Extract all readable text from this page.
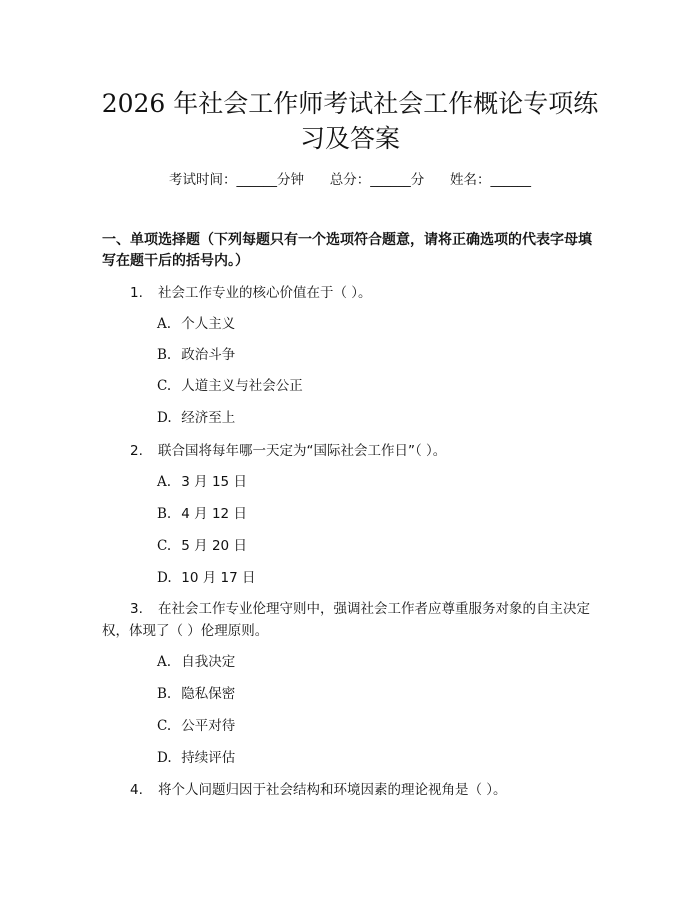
2026 年社会工作师考试社会工作概论专项练
习及答案
考试时间：______分钟      总分：______分      姓名：______
一、单项选择题（下列每题只有一个选项符合题意，请将正确选项的代表字母填
写在题干后的括号内。）
1. 社会工作专业的核心价值在于（ ）。
A. 个人主义
B. 政治斗争
C. 人道主义与社会公正
D. 经济至上
2. 联合国将每年哪一天定为“国际社会工作日”（ ）。
A. 3 月 15 日
B. 4 月 12 日
C. 5 月 20 日
D. 10 月 17 日
3. 在社会工作专业伦理守则中，强调社会工作者应尊重服务对象的自主决定
权，体现了（ ）伦理原则。
A. 自我决定
B. 隐私保密
C. 公平对待
D. 持续评估
4. 将个人问题归因于社会结构和环境因素的理论视角是（ ）。
